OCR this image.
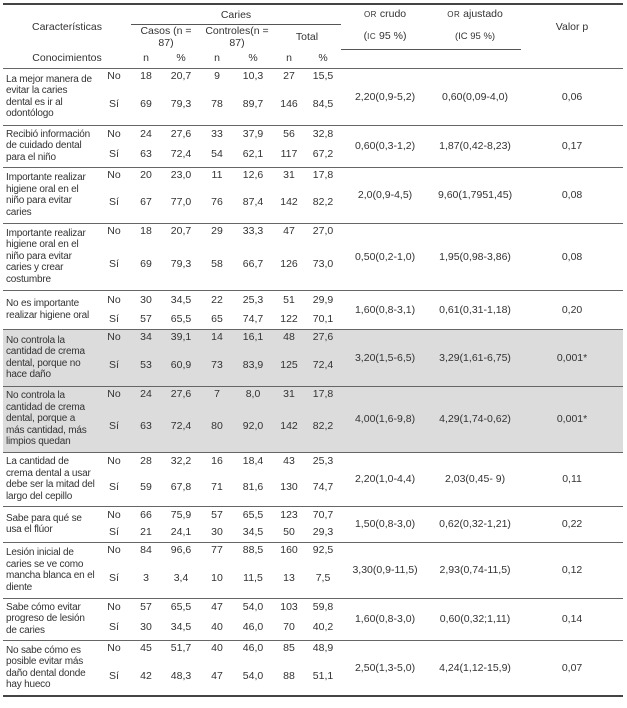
Características		Caries						OR crudo	OR ajustado	Valor p
		Casos (n = 87)		Controles(n = 87)		Total		(IC 95 %)	(IC 95 %)	
Conocimientos		n	%	n	%	n	%			
La mejor manera de evitar la caries dental es ir al odontólogo	No	18	20,7	9	10,3	27	15,5	2,20(0,9-5,2)	0,60(0,09-4,0)	0,06
	Sí	69	79,3	78	89,7	146	84,5			
Recibió información de cuidado dental para el niño	No	24	27,6	33	37,9	56	32,8	0,60(0,3-1,2)	1,87(0,42-8,23)	0,17
	Sí	63	72,4	54	62,1	117	67,2			
Importante realizar higiene oral en el niño para evitar caries	No	20	23,0	11	12,6	31	17,8	2,0(0,9-4,5)	9,60(1,7951,45)	0,08
	Sí	67	77,0	76	87,4	142	82,2			
Importante realizar higiene oral en el niño para evitar caries y crear costumbre	No	18	20,7	29	33,3	47	27,0	0,50(0,2-1,0)	1,95(0,98-3,86)	0,08
	Sí	69	79,3	58	66,7	126	73,0			
No es importante realizar higiene oral	No	30	34,5	22	25,3	51	29,9	1,60(0,8-3,1)	0,61(0,31-1,18)	0,20
	Sí	57	65,5	65	74,7	122	70,1			
No controla la cantidad de crema dental, porque no hace daño	No	34	39,1	14	16,1	48	27,6	3,20(1,5-6,5)	3,29(1,61-6,75)	0,001*
	Sí	53	60,9	73	83,9	125	72,4			
No controla la cantidad de crema dental, porque a más cantidad, más limpios quedan	No	24	27,6	7	8,0	31	17,8	4,00(1,6-9,8)	4,29(1,74-0,62)	0,001*
	Sí	63	72,4	80	92,0	142	82,2			
La cantidad de crema dental a usar debe ser la mitad del largo del cepillo	No	28	32,2	16	18,4	43	25,3	2,20(1,0-4,4)	2,03(0,45- 9)	0,11
	Sí	59	67,8	71	81,6	130	74,7			
Sabe para qué se usa el flúor	No	66	75,9	57	65,5	123	70,7	1,50(0,8-3,0)	0,62(0,32-1,21)	0,22
	Sí	21	24,1	30	34,5	50	29,3			
Lesión inicial de caries se ve como mancha blanca en el diente	No	84	96,6	77	88,5	160	92,5	3,30(0,9-11,5)	2,93(0,74-11,5)	0,12
	Sí	3	3,4	10	11,5	13	7,5			
Sabe cómo evitar progreso de lesión de caries	No	57	65,5	47	54,0	103	59,8	1,60(0,8-3,0)	0,60(0,32;1,11)	0,14
	Sí	30	34,5	40	46,0	70	40,2			
No sabe cómo es posible evitar más daño dental donde hay hueco	No	45	51,7	40	46,0	85	48,9	2,50(1,3-5,0)	4,24(1,12-15,9)	0,07
	Sí	42	48,3	47	54,0	88	51,1			
